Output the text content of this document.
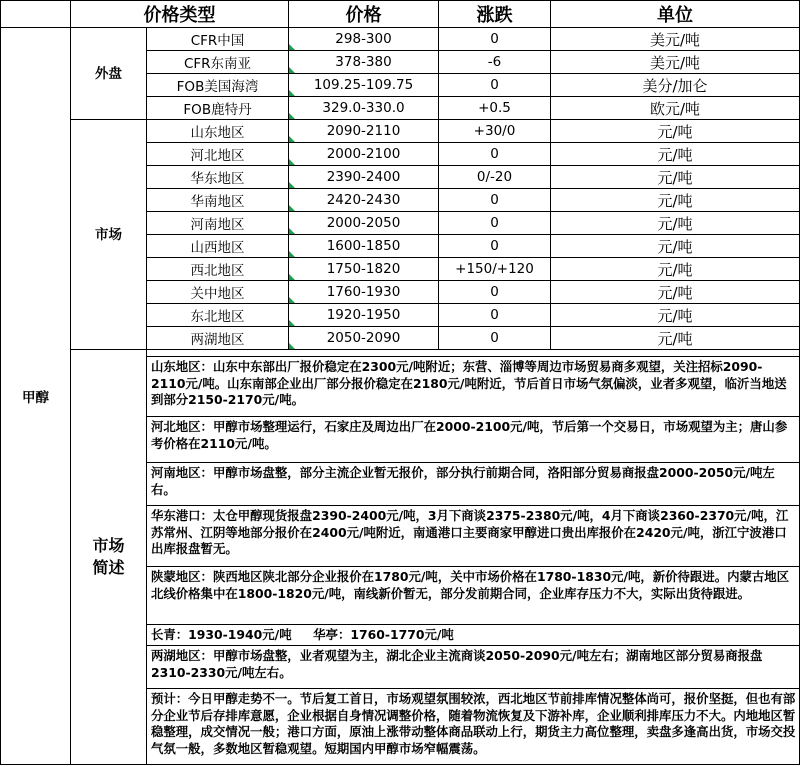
	价格类型		价格	涨跌	单位
甲醇	外盘	CFR中国	298-300	0	美元/吨
		CFR东南亚	378-380	-6	美元/吨
		FOB美国海湾	109.25-109.75	0	美分/加仑
		FOB鹿特丹	329.0-330.0	+0.5	欧元/吨
	市场	山东地区	2090-2110	+30/0	元/吨
		河北地区	2000-2100	0	元/吨
		华东地区	2390-2400	0/-20	元/吨
		华南地区	2420-2430	0	元/吨
		河南地区	2000-2050	0	元/吨
		山西地区	1600-1850	0	元/吨
		西北地区	1750-1820	+150/+120	元/吨
		关中地区	1760-1930	0	元/吨
		东北地区	1920-1950	0	元/吨
		两湖地区	2050-2090	0	元/吨
	市场
简述				
		山东地区：山东中东部出厂报价稳定在2300元/吨附近；东营、淄博等周边市场贸易商多观望，关注招标2090-2110元/吨。山东南部企业出厂部分报价稳定在2180元/吨附近，节后首日市场气氛偏淡，业者多观望，临沂当地送到部分2150-2170元/吨。			
		河北地区：甲醇市场整理运行，石家庄及周边出厂在2000-2100元/吨，节后第一个交易日，市场观望为主；唐山参考价格在2110元/吨。			
		河南地区：甲醇市场盘整，部分主流企业暂无报价，部分执行前期合同，洛阳部分贸易商报盘2000-2050元/吨左右。			
		华东港口：太仓甲醇现货报盘2390-2400元/吨，3月下商谈2375-2380元/吨，4月下商谈2360-2370元/吨，江苏常州、江阴等地部分报价在2400元/吨附近，南通港口主要商家甲醇进口贵出库报价在2420元/吨，浙江宁波港口出库报盘暂无。			
		陕蒙地区：陕西地区陕北部分企业报价在1780元/吨，关中市场价格在1780-1830元/吨，新价待跟进。内蒙古地区北线价格集中在1800-1820元/吨，南线新价暂无，部分发前期合同，企业库存压力不大，实际出货待跟进。			
		长青：1930-1940元/吨     华亭：1760-1770元/吨			
		两湖地区：甲醇市场盘整，业者观望为主，湖北企业主流商谈2050-2090元/吨左右；湖南地区部分贸易商报盘2310-2330元/吨左右。			
		预计：今日甲醇走势不一。节后复工首日，市场观望氛围较浓，西北地区节前排库情况整体尚可，报价坚挺，但也有部分企业节后存排库意愿，企业根据自身情况调整价格，随着物流恢复及下游补库，企业顺利排库压力不大。内地地区暂稳整理，成交情况一般；港口方面，原油上涨带动整体商品联动上行，期货主力高位整理，卖盘多逢高出货，市场交投气氛一般，多数地区暂稳观望。短期国内甲醇市场窄幅震荡。			
